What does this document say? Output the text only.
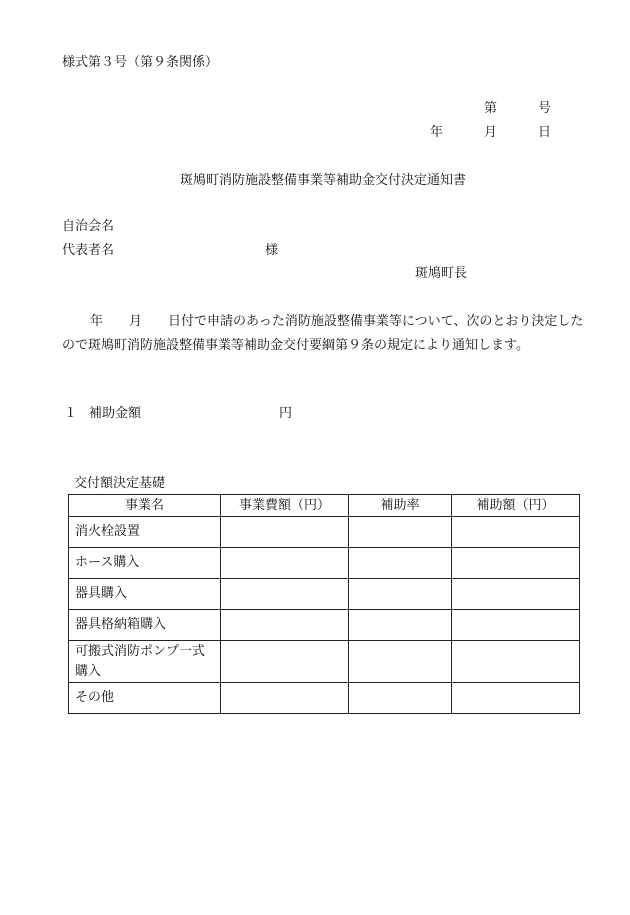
様式第３号（第９条関係）
第	号
年	月	日
斑鳩町消防施設整備事業等補助金交付決定通知書
自治会名
代表者名	様
斑鳩町長
年 月 日付で申請のあった消防施設整備事業等について、次のとおり決定したので斑鳩町消防施設整備事業等補助金交付要綱第９条の規定により通知します。
１ 補助金額	円
交付額決定基礎
事業名	事業費額（円）	補助率	補助額（円）
消火栓設置			
ホース購入			
器具購入			
器具格納箱購入			
可搬式消防ポンプ一式購入			
その他			
